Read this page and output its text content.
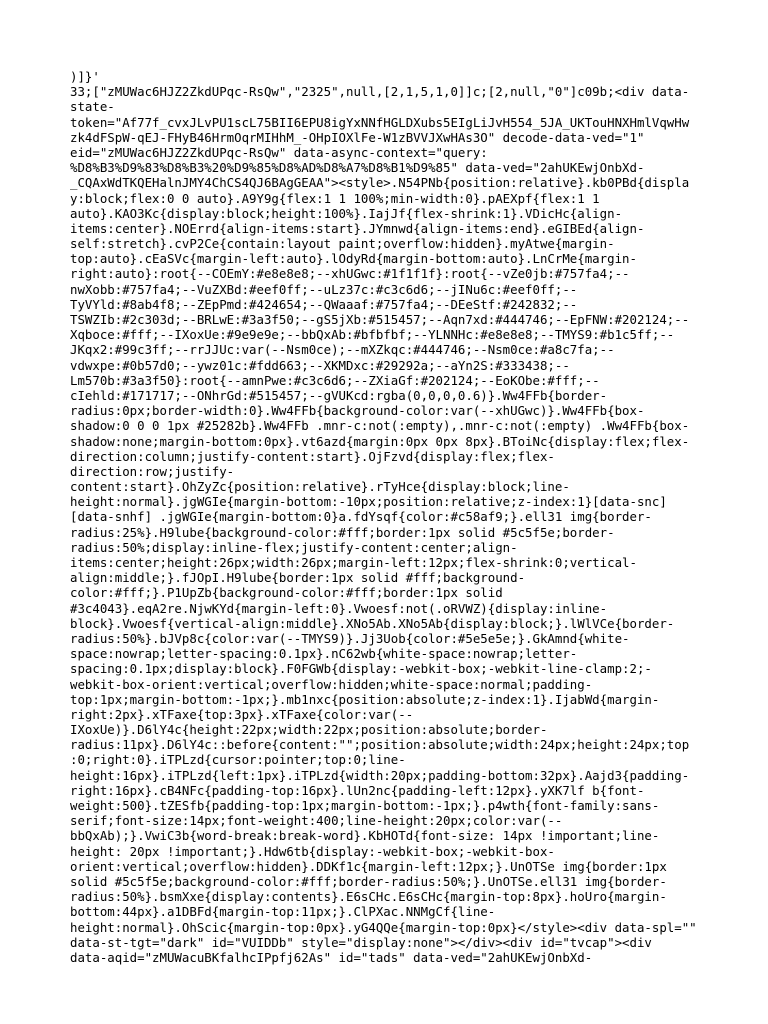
)]}'
33;["zMUWac6HJZ2ZkdUPqc-RsQw","2325",null,[2,1,5,1,0]]c;[2,null,"0"]c09b;<div data-
state-
token="Af77f_cvxJLvPU1scL75BII6EPU8igYxNNfHGLDXubs5EIgLiJvH554_5JA_UKTouHNXHmlVqwHw
zk4dFSpW-qEJ-FHyB46HrmOqrMIHhM_-OHpIOXlFe-W1zBVVJXwHAs3O" decode-data-ved="1"
eid="zMUWac6HJZ2ZkdUPqc-RsQw" data-async-context="query:
%D8%B3%D9%83%D8%B3%20%D9%85%D8%AD%D8%A7%D8%B1%D9%85" data-ved="2ahUKEwjOnbXd-
_CQAxWdTKQEHalnJMY4ChCS4QJ6BAgGEAA"><style>.N54PNb{position:relative}.kb0PBd{displa
y:block;flex:0 0 auto}.A9Y9g{flex:1 1 100%;min-width:0}.pAEXpf{flex:1 1
auto}.KAO3Kc{display:block;height:100%}.IajJf{flex-shrink:1}.VDicHc{align-
items:center}.NOErrd{align-items:start}.JYmnwd{align-items:end}.eGIBEd{align-
self:stretch}.cvP2Ce{contain:layout paint;overflow:hidden}.myAtwe{margin-
top:auto}.cEaSVc{margin-left:auto}.lOdyRd{margin-bottom:auto}.LnCrMe{margin-
right:auto}:root{--COEmY:#e8e8e8;--xhUGwc:#1f1f1f}:root{--vZe0jb:#757fa4;--
nwXobb:#757fa4;--VuZXBd:#eef0ff;--uLz37c:#c3c6d6;--jINu6c:#eef0ff;--
TyVYld:#8ab4f8;--ZEpPmd:#424654;--QWaaaf:#757fa4;--DEeStf:#242832;--
TSWZIb:#2c303d;--BRLwE:#3a3f50;--gS5jXb:#515457;--Aqn7xd:#444746;--EpFNW:#202124;--
Xqboce:#fff;--IXoxUe:#9e9e9e;--bbQxAb:#bfbfbf;--YLNNHc:#e8e8e8;--TMYS9:#b1c5ff;--
JKqx2:#99c3ff;--rrJJUc:var(--Nsm0ce);--mXZkqc:#444746;--Nsm0ce:#a8c7fa;--
vdwxpe:#0b57d0;--ywz01c:#fdd663;--XKMDxc:#29292a;--aYn2S:#333438;--
Lm570b:#3a3f50}:root{--amnPwe:#c3c6d6;--ZXiaGf:#202124;--EoKObe:#fff;--
cIehld:#171717;--ONhrGd:#515457;--gVUKcd:rgba(0,0,0,0.6)}.Ww4FFb{border-
radius:0px;border-width:0}.Ww4FFb{background-color:var(--xhUGwc)}.Ww4FFb{box-
shadow:0 0 0 1px #25282b}.Ww4FFb .mnr-c:not(:empty),.mnr-c:not(:empty) .Ww4FFb{box-
shadow:none;margin-bottom:0px}.vt6azd{margin:0px 0px 8px}.BToiNc{display:flex;flex-
direction:column;justify-content:start}.OjFzvd{display:flex;flex-
direction:row;justify-
content:start}.OhZyZc{position:relative}.rTyHce{display:block;line-
height:normal}.jgWGIe{margin-bottom:-10px;position:relative;z-index:1}[data-snc]
[data-snhf] .jgWGIe{margin-bottom:0}a.fdYsqf{color:#c58af9;}.ell31 img{border-
radius:25%}.H9lube{background-color:#fff;border:1px solid #5c5f5e;border-
radius:50%;display:inline-flex;justify-content:center;align-
items:center;height:26px;width:26px;margin-left:12px;flex-shrink:0;vertical-
align:middle;}.fJOpI.H9lube{border:1px solid #fff;background-
color:#fff;}.P1UpZb{background-color:#fff;border:1px solid
#3c4043}.eqA2re.NjwKYd{margin-left:0}.Vwoesf:not(.oRVWZ){display:inline-
block}.Vwoesf{vertical-align:middle}.XNo5Ab.XNo5Ab{display:block;}.lWlVCe{border-
radius:50%}.bJVp8c{color:var(--TMYS9)}.Jj3Uob{color:#5e5e5e;}.GkAmnd{white-
space:nowrap;letter-spacing:0.1px}.nC62wb{white-space:nowrap;letter-
spacing:0.1px;display:block}.F0FGWb{display:-webkit-box;-webkit-line-clamp:2;-
webkit-box-orient:vertical;overflow:hidden;white-space:normal;padding-
top:1px;margin-bottom:-1px;}.mb1nxc{position:absolute;z-index:1}.IjabWd{margin-
right:2px}.xTFaxe{top:3px}.xTFaxe{color:var(--
IXoxUe)}.D6lY4c{height:22px;width:22px;position:absolute;border-
radius:11px}.D6lY4c::before{content:"";position:absolute;width:24px;height:24px;top
:0;right:0}.iTPLzd{cursor:pointer;top:0;line-
height:16px}.iTPLzd{left:1px}.iTPLzd{width:20px;padding-bottom:32px}.Aajd3{padding-
right:16px}.cB4NFc{padding-top:16px}.lUn2nc{padding-left:12px}.yXK7lf b{font-
weight:500}.tZESfb{padding-top:1px;margin-bottom:-1px;}.p4wth{font-family:sans-
serif;font-size:14px;font-weight:400;line-height:20px;color:var(--
bbQxAb);}.VwiC3b{word-break:break-word}.KbHOTd{font-size: 14px !important;line-
height: 20px !important;}.Hdw6tb{display:-webkit-box;-webkit-box-
orient:vertical;overflow:hidden}.DDKf1c{margin-left:12px;}.UnOTSe img{border:1px
solid #5c5f5e;background-color:#fff;border-radius:50%;}.UnOTSe.ell31 img{border-
radius:50%}.bsmXxe{display:contents}.E6sCHc.E6sCHc{margin-top:8px}.hoUro{margin-
bottom:44px}.a1DBFd{margin-top:11px;}.ClPXac.NNMgCf{line-
height:normal}.OhScic{margin-top:0px}.yG4QQe{margin-top:0px}</style><div data-spl=""
data-st-tgt="dark" id="VUIDDb" style="display:none"></div><div id="tvcap"><div
data-aqid="zMUWacuBKfalhcIPpfj62As" id="tads" data-ved="2ahUKEwjOnbXd-
